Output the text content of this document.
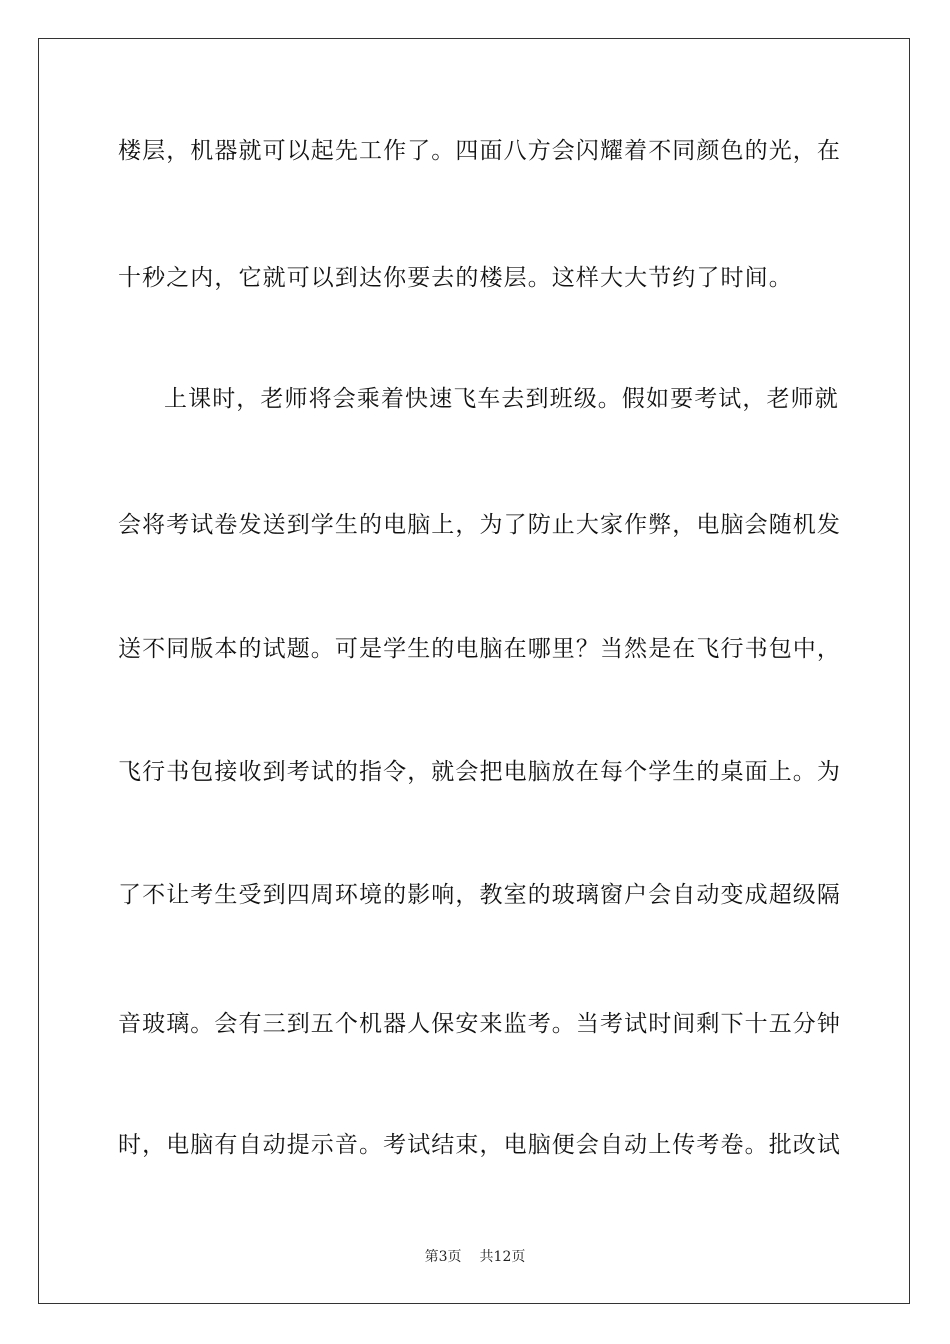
楼层，机器就可以起先工作了。四面八方会闪耀着不同颜色的光，在
十秒之内，它就可以到达你要去的楼层。这样大大节约了时间。
上课时，老师将会乘着快速飞车去到班级。假如要考试，老师就
会将考试卷发送到学生的电脑上，为了防止大家作弊，电脑会随机发
送不同版本的试题。可是学生的电脑在哪里？当然是在飞行书包中，
飞行书包接收到考试的指令，就会把电脑放在每个学生的桌面上。为
了不让考生受到四周环境的影响，教室的玻璃窗户会自动变成超级隔
音玻璃。会有三到五个机器人保安来监考。当考试时间剩下十五分钟
时，电脑有自动提示音。考试结束，电脑便会自动上传考卷。批改试
第3页 共12页
